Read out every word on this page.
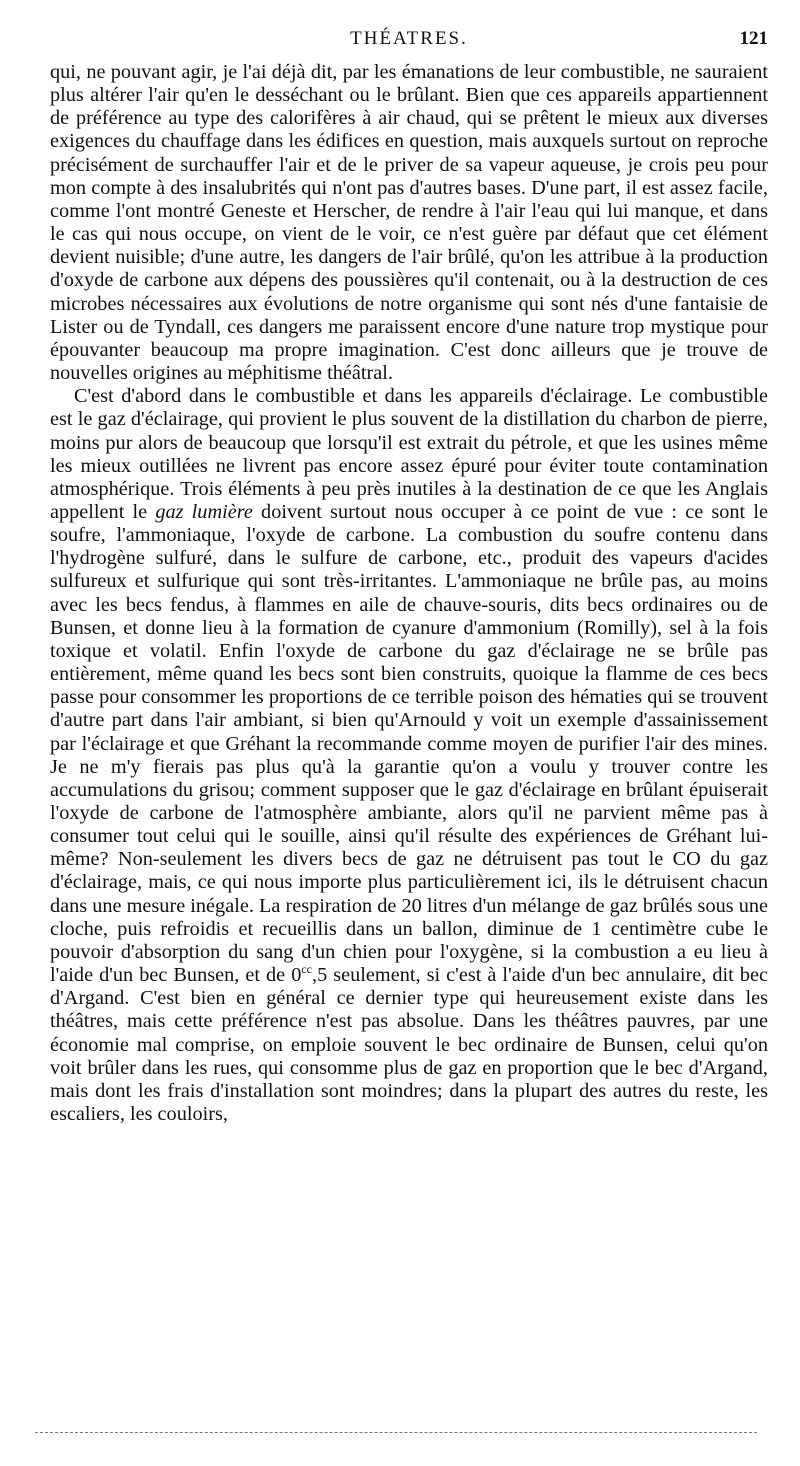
THÉATRES.	121

qui, ne pouvant agir, je l'ai déjà dit, par les émanations de leur combustible, ne sauraient plus altérer l'air qu'en le desséchant ou le brûlant. Bien que ces appareils appartiennent de préférence au type des calorifères à air chaud, qui se prêtent le mieux aux diverses exigences du chauffage dans les édifices en question, mais auxquels surtout on reproche précisément de surchauffer l'air et de le priver de sa vapeur aqueuse, je crois peu pour mon compte à des insalubrités qui n'ont pas d'autres bases. D'une part, il est assez facile, comme l'ont montré Geneste et Herscher, de rendre à l'air l'eau qui lui manque, et dans le cas qui nous occupe, on vient de le voir, ce n'est guère par défaut que cet élément devient nuisible; d'une autre, les dangers de l'air brûlé, qu'on les attribue à la production d'oxyde de carbone aux dépens des poussières qu'il contenait, ou à la destruction de ces microbes nécessaires aux évolutions de notre organisme qui sont nés d'une fantaisie de Lister ou de Tyndall, ces dangers me paraissent encore d'une nature trop mystique pour épouvanter beaucoup ma propre imagination. C'est donc ailleurs que je trouve de nouvelles origines au méphitisme théâtral.

C'est d'abord dans le combustible et dans les appareils d'éclairage. Le combustible est le gaz d'éclairage, qui provient le plus souvent de la distillation du charbon de pierre, moins pur alors de beaucoup que lorsqu'il est extrait du pétrole, et que les usines même les mieux outillées ne livrent pas encore assez épuré pour éviter toute contamination atmosphérique. Trois éléments à peu près inutiles à la destination de ce que les Anglais appellent le gaz lumière doivent surtout nous occuper à ce point de vue : ce sont le soufre, l'ammoniaque, l'oxyde de carbone. La combustion du soufre contenu dans l'hydrogène sulfuré, dans le sulfure de carbone, etc., produit des vapeurs d'acides sulfureux et sulfurique qui sont très-irritantes. L'ammoniaque ne brûle pas, au moins avec les becs fendus, à flammes en aile de chauve-souris, dits becs ordinaires ou de Bunsen, et donne lieu à la formation de cyanure d'ammonium (Romilly), sel à la fois toxique et volatil. Enfin l'oxyde de carbone du gaz d'éclairage ne se brûle pas entièrement, même quand les becs sont bien construits, quoique la flamme de ces becs passe pour consommer les proportions de ce terrible poison des hématies qui se trouvent d'autre part dans l'air ambiant, si bien qu'Arnould y voit un exemple d'assainissement par l'éclairage et que Gréhant la recommande comme moyen de purifier l'air des mines. Je ne m'y fierais pas plus qu'à la garantie qu'on a voulu y trouver contre les accumulations du grisou; comment supposer que le gaz d'éclairage en brûlant épuiserait l'oxyde de carbone de l'atmosphère ambiante, alors qu'il ne parvient même pas à consumer tout celui qui le souille, ainsi qu'il résulte des expériences de Gréhant lui-même? Non-seulement les divers becs de gaz ne détruisent pas tout le CO du gaz d'éclairage, mais, ce qui nous importe plus particulièrement ici, ils le détruisent chacun dans une mesure inégale. La respiration de 20 litres d'un mélange de gaz brûlés sous une cloche, puis refroidis et recueillis dans un ballon, diminue de 1 centimètre cube le pouvoir d'absorption du sang d'un chien pour l'oxygène, si la combustion a eu lieu à l'aide d'un bec Bunsen, et de $0^{cc},5$ seulement, si c'est à l'aide d'un bec annulaire, dit bec d'Argand. C'est bien en général ce dernier type qui heureusement existe dans les théâtres, mais cette préférence n'est pas absolue. Dans les théâtres pauvres, par une économie mal comprise, on emploie souvent le bec ordinaire de Bunsen, celui qu'on voit brûler dans les rues, qui consomme plus de gaz en proportion que le bec d'Argand, mais dont les frais d'installation sont moindres; dans la plupart des autres du reste, les escaliers, les couloirs,
